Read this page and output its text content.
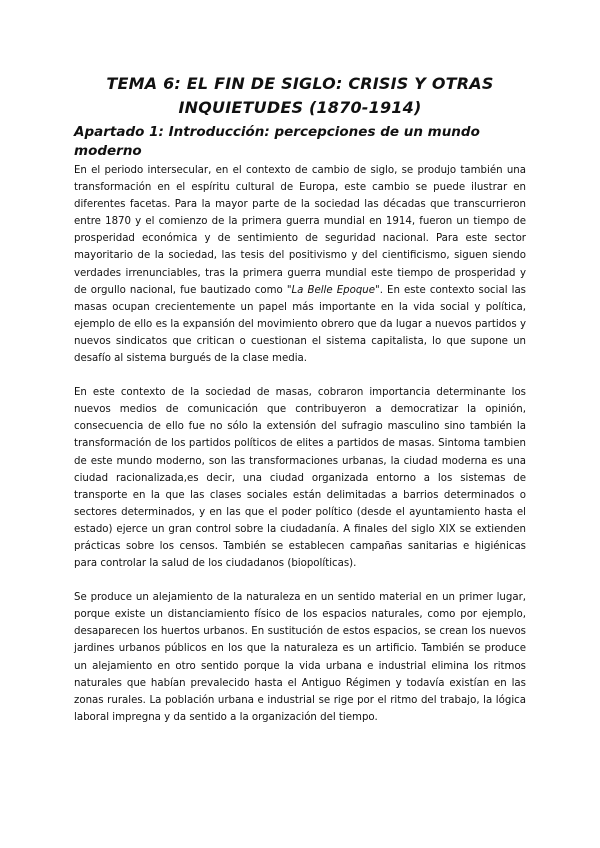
TEMA 6: EL FIN DE SIGLO: CRISIS Y OTRAS
INQUIETUDES (1870-1914)
Apartado 1: Introducción: percepciones de un mundo moderno

En el periodo intersecular, en el contexto de cambio de siglo, se produjo también una transformación en el espíritu cultural de Europa, este cambio se puede ilustrar en diferentes facetas. Para la mayor parte de la sociedad las décadas que transcurrieron entre 1870 y el comienzo de la primera guerra mundial en 1914, fueron un tiempo de prosperidad económica y de sentimiento de seguridad nacional. Para este sector mayoritario de la sociedad, las tesis del positivismo y del cientificismo, siguen siendo verdades irrenunciables, tras la primera guerra mundial este tiempo de prosperidad y de orgullo nacional, fue bautizado como "La Belle Epoque". En este contexto social las masas ocupan crecientemente un papel más importante en la vida social y política, ejemplo de ello es la expansión del movimiento obrero que da lugar a nuevos partidos y nuevos sindicatos que critican o cuestionan el sistema capitalista, lo que supone un desafío al sistema burgués de la clase media.

En este contexto de la sociedad de masas, cobraron importancia determinante los nuevos medios de comunicación que contribuyeron a democratizar la opinión, consecuencia de ello fue no sólo la extensión del sufragio masculino sino también la transformación de los partidos políticos de elites a partidos de masas. Sintoma tambien de este mundo moderno, son las transformaciones urbanas, la ciudad moderna es una ciudad racionalizada,es decir, una ciudad organizada entorno a los sistemas de transporte en la que las clases sociales están delimitadas a barrios determinados o sectores determinados, y en las que el poder político (desde el ayuntamiento hasta el estado) ejerce un gran control sobre la ciudadanía. A finales del siglo XIX se extienden prácticas sobre los censos. También se establecen campañas sanitarias e higiénicas para controlar la salud de los ciudadanos (biopolíticas).

Se produce un alejamiento de la naturaleza en un sentido material en un primer lugar, porque existe un distanciamiento físico de los espacios naturales, como por ejemplo, desaparecen los huertos urbanos. En sustitución de estos espacios, se crean los nuevos jardines urbanos públicos en los que la naturaleza es un artificio. También se produce un alejamiento en otro sentido porque la vida urbana e industrial elimina los ritmos naturales que habían prevalecido hasta el Antiguo Régimen y todavía existían en las zonas rurales. La población urbana e industrial se rige por el ritmo del trabajo, la lógica laboral impregna y da sentido a la organización del tiempo.
